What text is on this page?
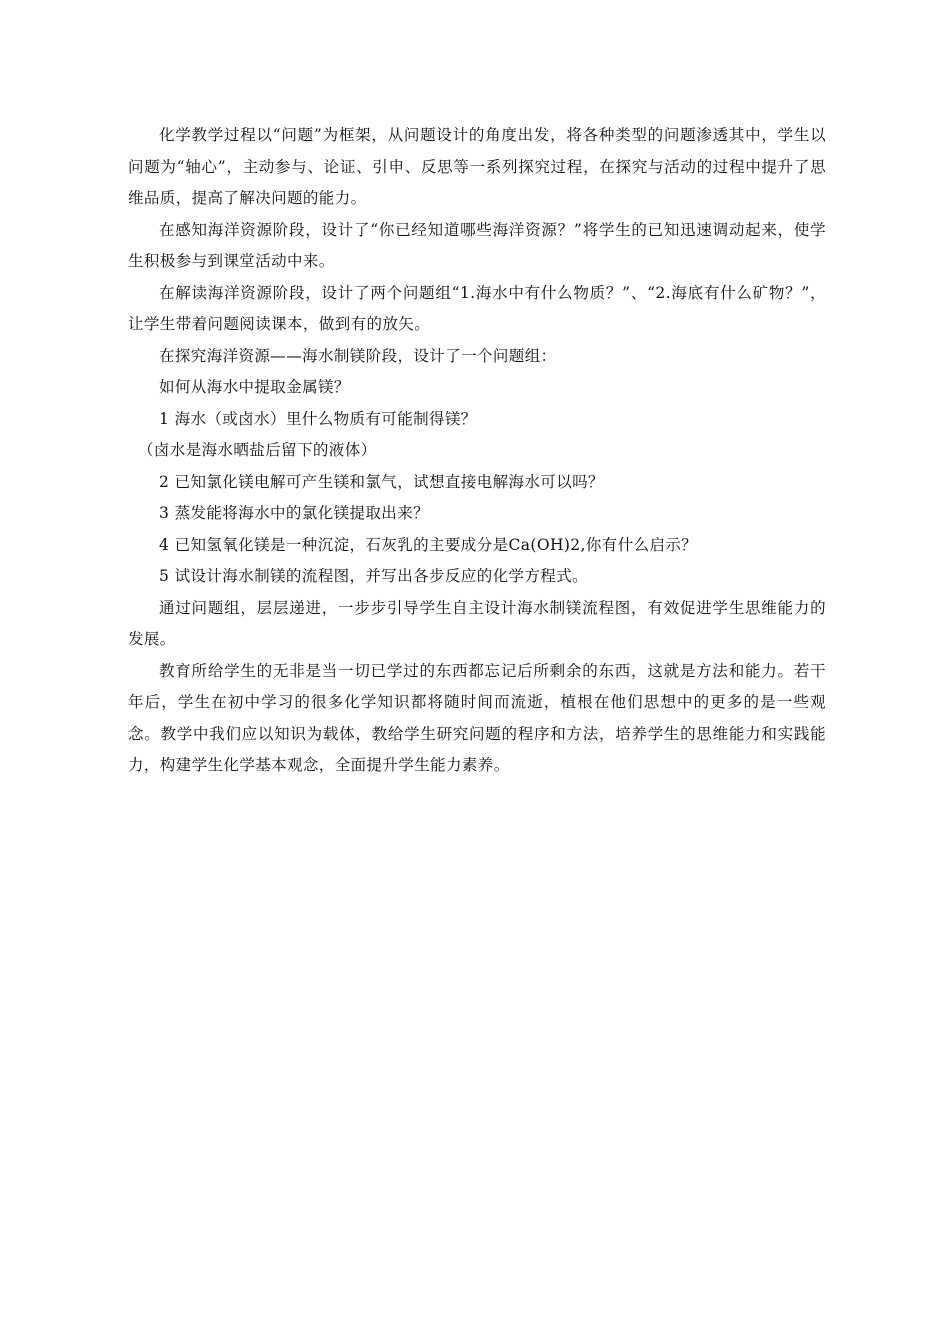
化学教学过程以“问题”为框架，从问题设计的角度出发，将各种类型的问题渗透其中，学生以问题为“轴心”，主动参与、论证、引申、反思等一系列探究过程，在探究与活动的过程中提升了思维品质，提高了解决问题的能力。

在感知海洋资源阶段，设计了“你已经知道哪些海洋资源？”将学生的已知迅速调动起来，使学生积极参与到课堂活动中来。

在解读海洋资源阶段，设计了两个问题组“1.海水中有什么物质？”、“2.海底有什么矿物？”，让学生带着问题阅读课本，做到有的放矢。

在探究海洋资源——海水制镁阶段，设计了一个问题组：

如何从海水中提取金属镁？

1 海水（或卤水）里什么物质有可能制得镁？

（卤水是海水晒盐后留下的液体）

2 已知氯化镁电解可产生镁和氯气，试想直接电解海水可以吗？

3 蒸发能将海水中的氯化镁提取出来？

4 已知氢氧化镁是一种沉淀，石灰乳的主要成分是Ca(OH)2,你有什么启示？

5 试设计海水制镁的流程图，并写出各步反应的化学方程式。

通过问题组，层层递进，一步步引导学生自主设计海水制镁流程图，有效促进学生思维能力的发展。

教育所给学生的无非是当一切已学过的东西都忘记后所剩余的东西，这就是方法和能力。若干年后，学生在初中学习的很多化学知识都将随时间而流逝，植根在他们思想中的更多的是一些观念。教学中我们应以知识为载体，教给学生研究问题的程序和方法，培养学生的思维能力和实践能力，构建学生化学基本观念，全面提升学生能力素养。
